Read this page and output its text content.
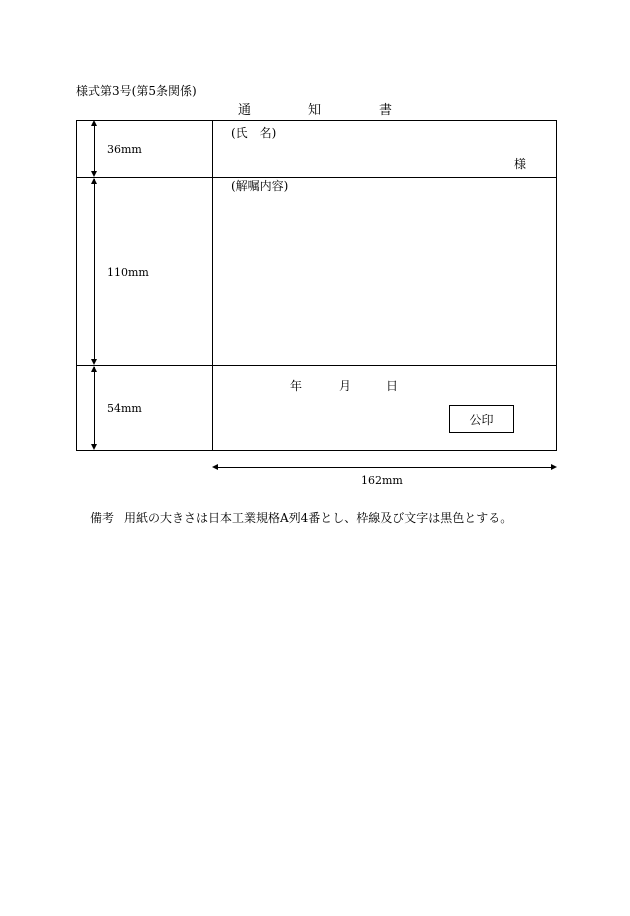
様式第3号(第5条関係)
通	知	書
36mm
110mm
54mm
(氏　名)
様
(解嘱内容)
年	月	日
公印
162mm
備考 用紙の大きさは日本工業規格A列4番とし、枠線及び文字は黒色とする。
